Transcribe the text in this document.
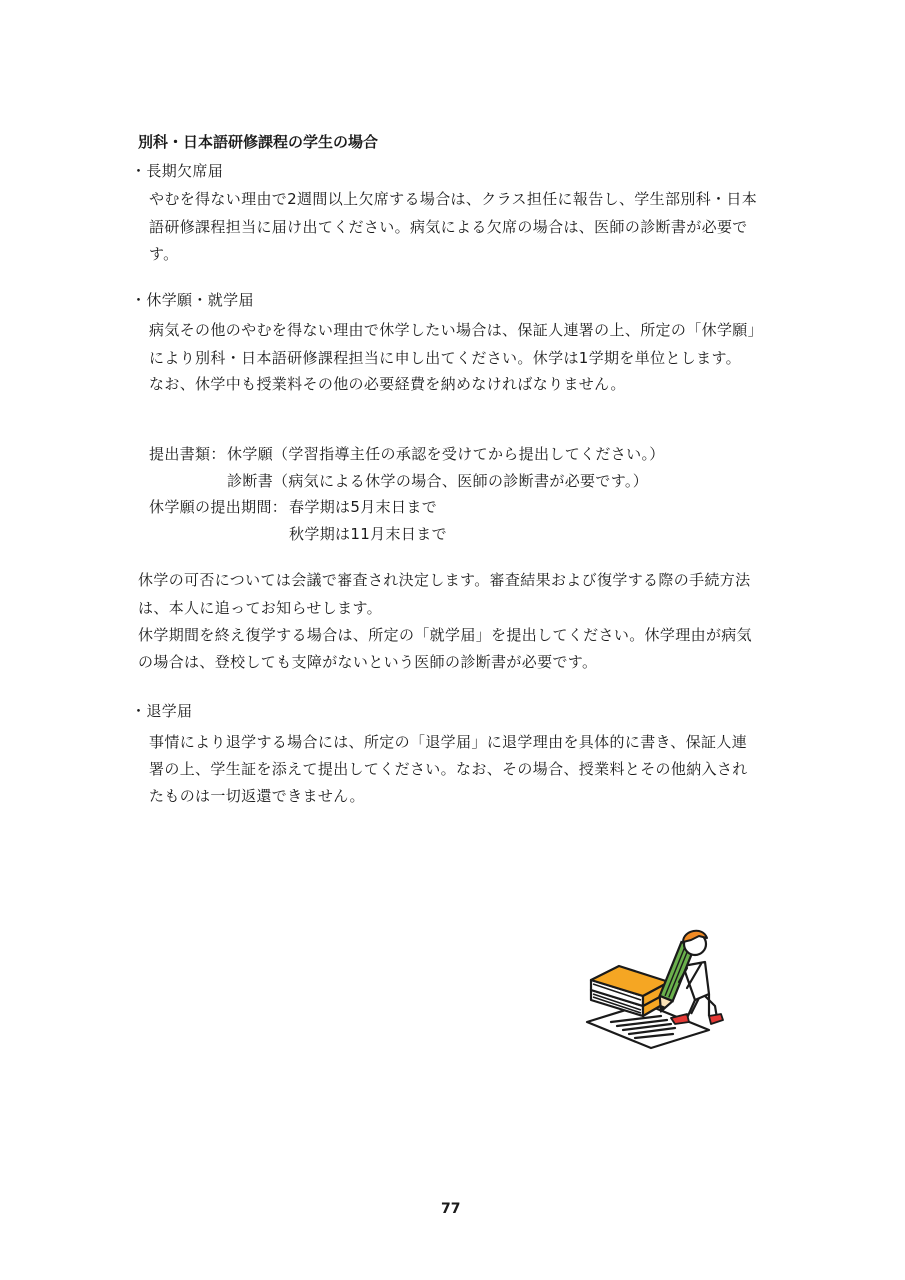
別科・日本語研修課程の学生の場合
・長期欠席届
やむを得ない理由で2週間以上欠席する場合は、クラス担任に報告し、学生部別科・日本
語研修課程担当に届け出てください。病気による欠席の場合は、医師の診断書が必要で
す。
・休学願・就学届
病気その他のやむを得ない理由で休学したい場合は、保証人連署の上、所定の「休学願」
により別科・日本語研修課程担当に申し出てください。休学は1学期を単位とします。
なお、休学中も授業料その他の必要経費を納めなければなりません。
提出書類： 休学願（学習指導主任の承認を受けてから提出してください。）
診断書（病気による休学の場合、医師の診断書が必要です。）
休学願の提出期間： 春学期は5月末日まで
秋学期は11月末日まで
休学の可否については会議で審査され決定します。審査結果および復学する際の手続方法
は、本人に追ってお知らせします。
休学期間を終え復学する場合は、所定の「就学届」を提出してください。休学理由が病気
の場合は、登校しても支障がないという医師の診断書が必要です。
・退学届
事情により退学する場合には、所定の「退学届」に退学理由を具体的に書き、保証人連
署の上、学生証を添えて提出してください。なお、その場合、授業料とその他納入され
たものは一切返還できません。
77
